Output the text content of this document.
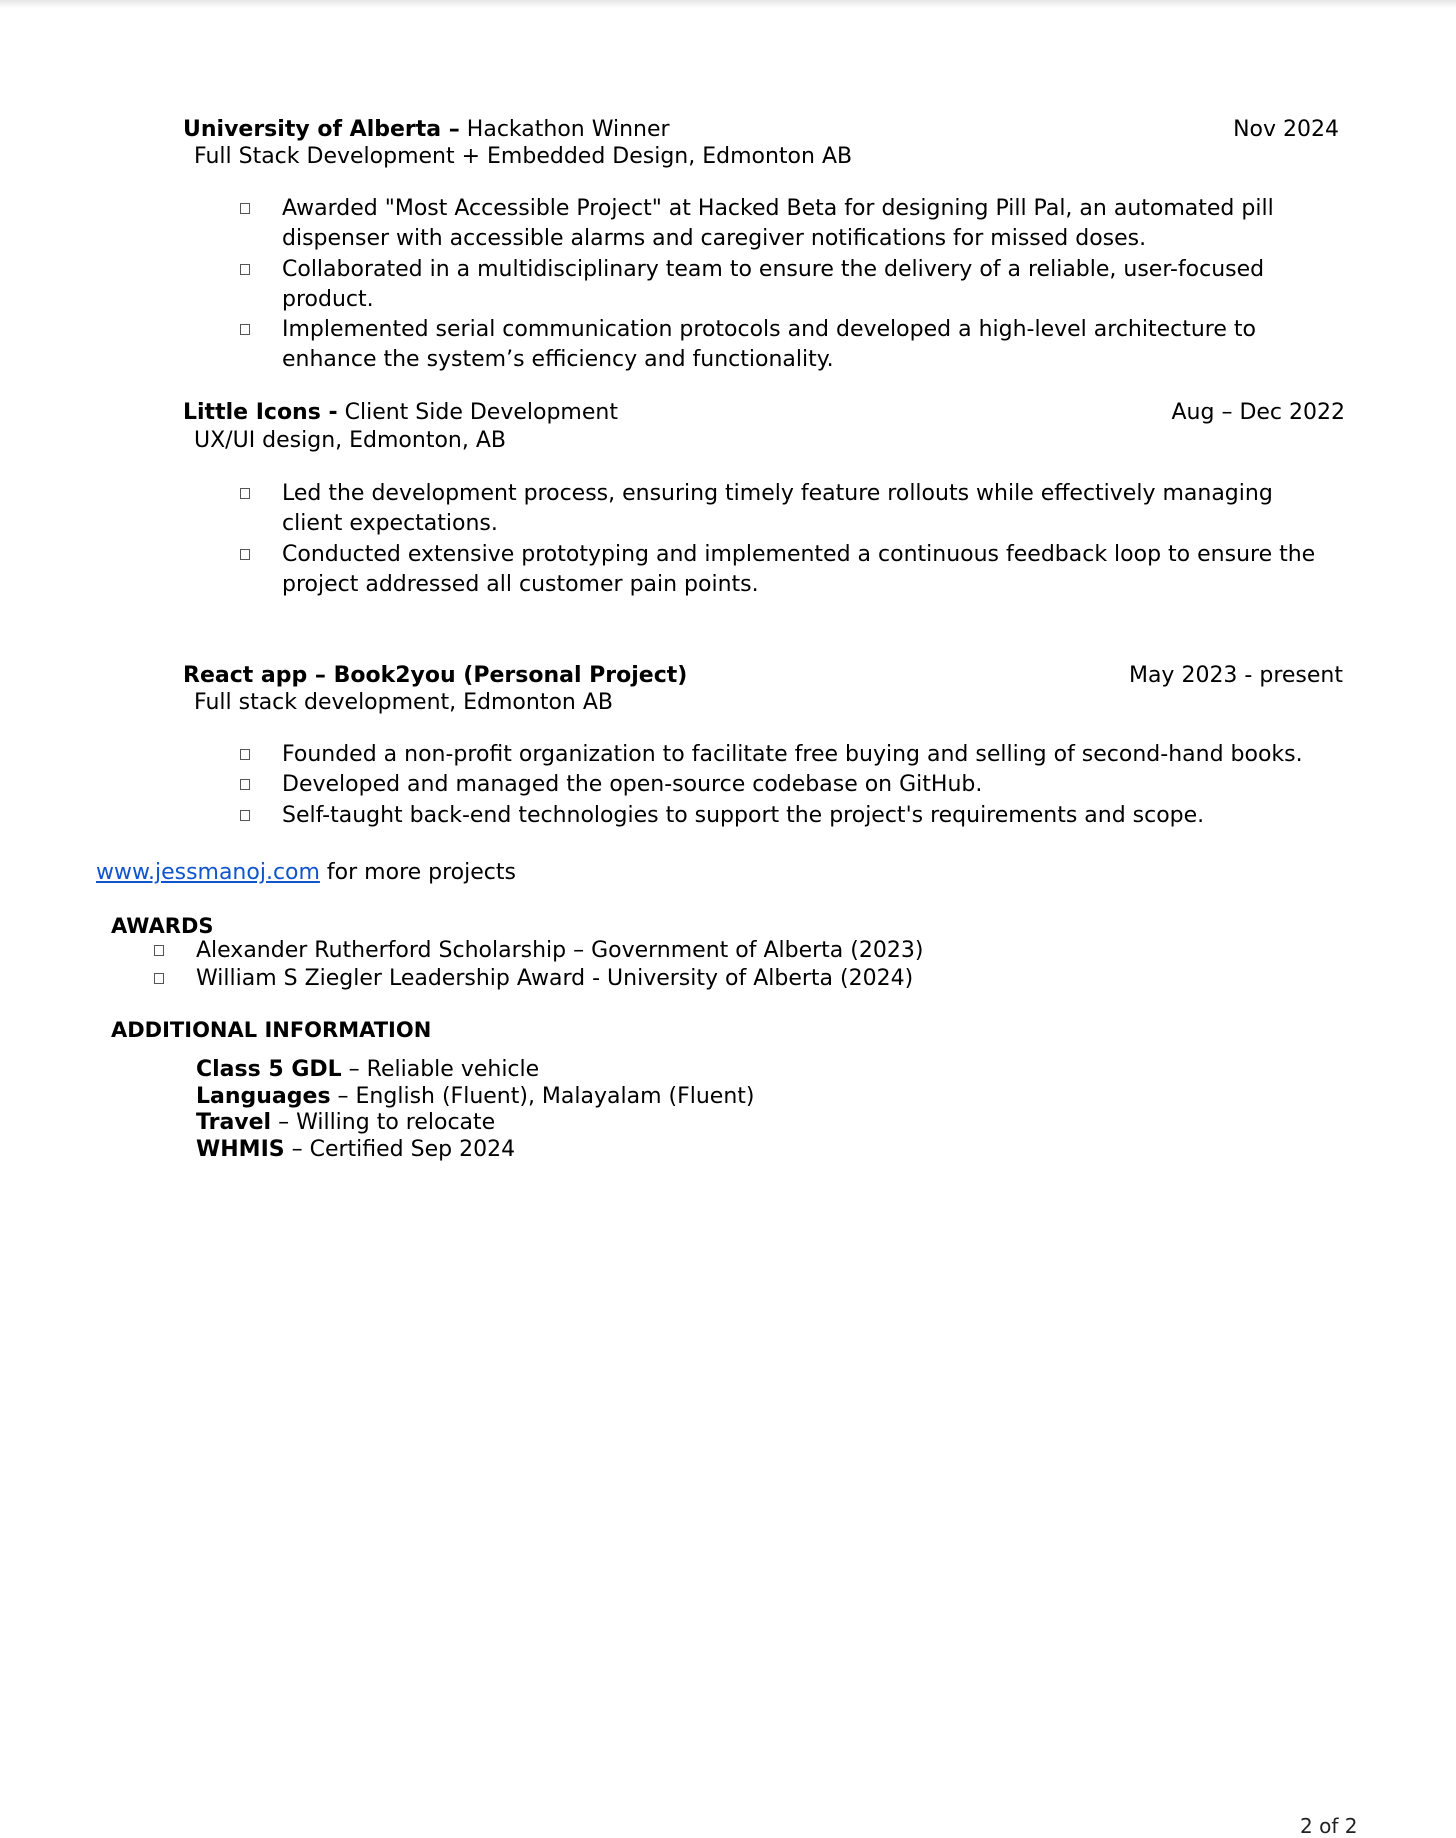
University of Alberta – Hackathon Winner	Nov 2024
Full Stack Development + Embedded Design, Edmonton AB
Awarded "Most Accessible Project" at Hacked Beta for designing Pill Pal, an automated pill dispenser with accessible alarms and caregiver notifications for missed doses.
Collaborated in a multidisciplinary team to ensure the delivery of a reliable, user-focused product.
Implemented serial communication protocols and developed a high-level architecture to enhance the system’s efficiency and functionality.
Little Icons - Client Side Development	Aug – Dec 2022
UX/UI design, Edmonton, AB
Led the development process, ensuring timely feature rollouts while effectively managing client expectations.
Conducted extensive prototyping and implemented a continuous feedback loop to ensure the project addressed all customer pain points.
React app – Book2you (Personal Project)	May 2023 - present
Full stack development, Edmonton AB
Founded a non-profit organization to facilitate free buying and selling of second-hand books.
Developed and managed the open-source codebase on GitHub.
Self-taught back-end technologies to support the project's requirements and scope.
www.jessmanoj.com for more projects
AWARDS
Alexander Rutherford Scholarship – Government of Alberta (2023)
William S Ziegler Leadership Award - University of Alberta (2024)
ADDITIONAL INFORMATION
Class 5 GDL – Reliable vehicle
Languages – English (Fluent), Malayalam (Fluent)
Travel – Willing to relocate
WHMIS – Certified Sep 2024
2 of 2
